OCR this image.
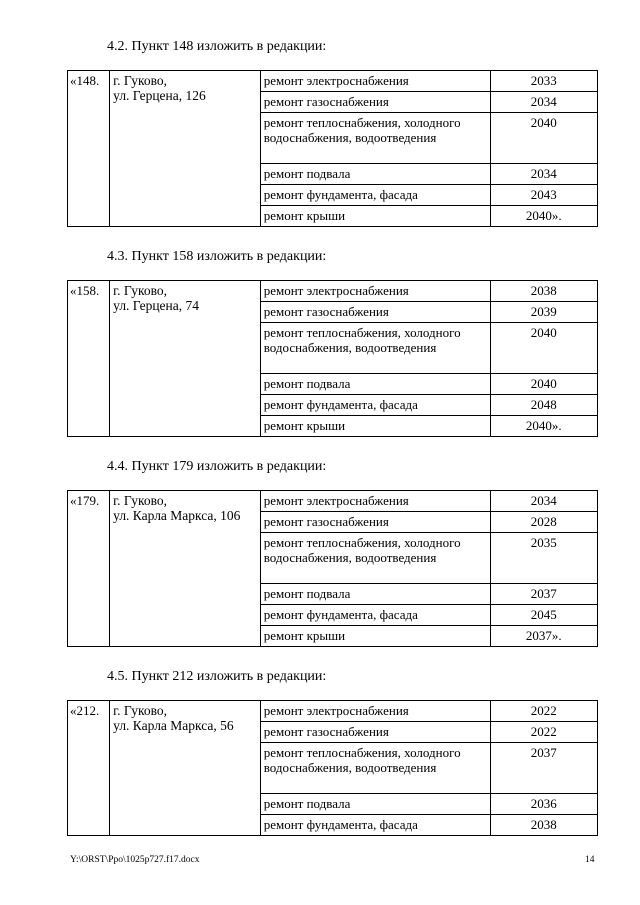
4.2. Пункт 148 изложить в редакции:
«148.	г. Гуково,
ул. Герцена, 126	ремонт электроснабжения	2033
		ремонт газоснабжения	2034
		ремонт теплоснабжения, холодного водоснабжения, водоотведения	2040
		ремонт подвала	2034
		ремонт фундамента, фасада	2043
		ремонт крыши	2040».
4.3. Пункт 158 изложить в редакции:
«158.	г. Гуково,
ул. Герцена, 74	ремонт электроснабжения	2038
		ремонт газоснабжения	2039
		ремонт теплоснабжения, холодного водоснабжения, водоотведения	2040
		ремонт подвала	2040
		ремонт фундамента, фасада	2048
		ремонт крыши	2040».
4.4. Пункт 179 изложить в редакции:
«179.	г. Гуково,
ул. Карла Маркса, 106	ремонт электроснабжения	2034
		ремонт газоснабжения	2028
		ремонт теплоснабжения, холодного водоснабжения, водоотведения	2035
		ремонт подвала	2037
		ремонт фундамента, фасада	2045
		ремонт крыши	2037».
4.5. Пункт 212 изложить в редакции:
«212.	г. Гуково,
ул. Карла Маркса, 56	ремонт электроснабжения	2022
		ремонт газоснабжения	2022
		ремонт теплоснабжения, холодного водоснабжения, водоотведения	2037
		ремонт подвала	2036
		ремонт фундамента, фасада	2038
Y:\ORST\Ppo\1025p727.f17.docx	14
